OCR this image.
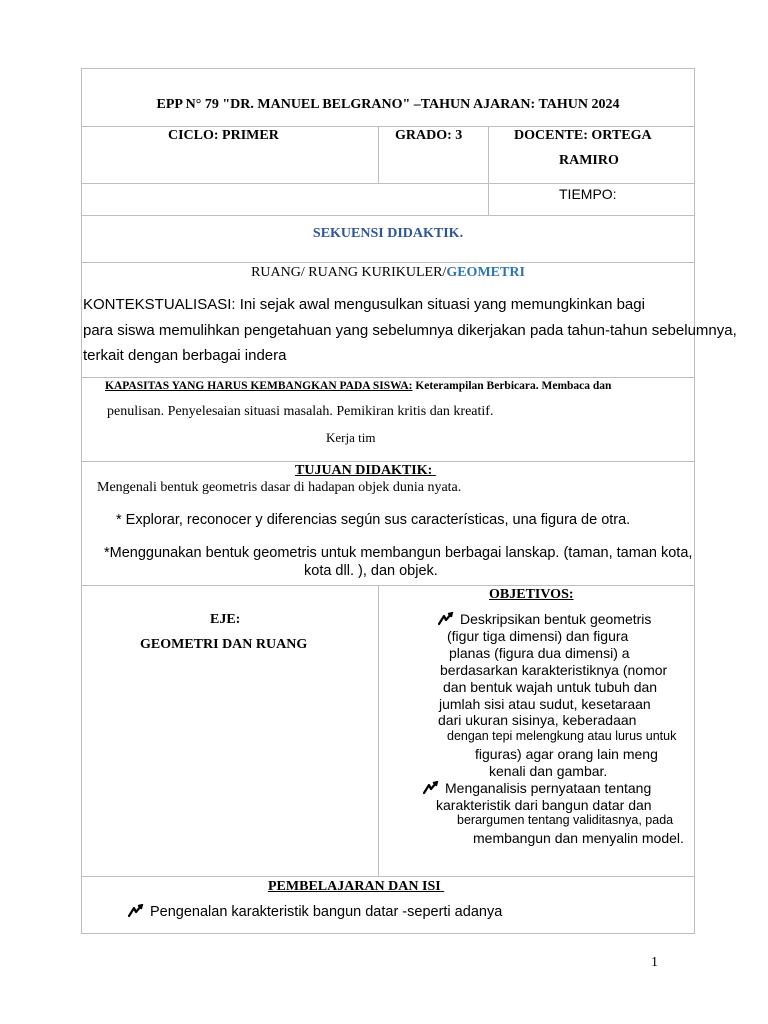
EPP N° 79 "DR. MANUEL BELGRANO" –TAHUN AJARAN: TAHUN 2024
CICLO: PRIMER	GRADO: 3	DOCENTE: ORTEGA
RAMIRO
TIEMPO:
SEKUENSI DIDAKTIK.
RUANG/ RUANG KURIKULER/GEOMETRI
KONTEKSTUALISASI: Ini sejak awal mengusulkan situasi yang memungkinkan bagi
para siswa memulihkan pengetahuan yang sebelumnya dikerjakan pada tahun-tahun sebelumnya,
terkait dengan berbagai indera
KAPASITAS YANG HARUS KEMBANGKAN PADA SISWA: Keterampilan Berbicara. Membaca dan
penulisan. Penyelesaian situasi masalah. Pemikiran kritis dan kreatif.
Kerja tim
TUJUAN DIDAKTIK:
Mengenali bentuk geometris dasar di hadapan objek dunia nyata.
* Explorar, reconocer y diferencias según sus características, una figura de otra.
*Menggunakan bentuk geometris untuk membangun berbagai lanskap. (taman, taman kota,
kota dll. ), dan objek.
EJE:
GEOMETRI DAN RUANG
OBJETIVOS:
Deskripsikan bentuk geometris
(figur tiga dimensi) dan figura
planas (figura dua dimensi) a
berdasarkan karakteristiknya (nomor
dan bentuk wajah untuk tubuh dan
jumlah sisi atau sudut, kesetaraan
dari ukuran sisinya, keberadaan
dengan tepi melengkung atau lurus untuk
figuras) agar orang lain meng
kenali dan gambar.
Menganalisis pernyataan tentang
karakteristik dari bangun datar dan
berargumen tentang validitasnya, pada
membangun dan menyalin model.
PEMBELAJARAN DAN ISI
Pengenalan karakteristik bangun datar -seperti adanya
1
